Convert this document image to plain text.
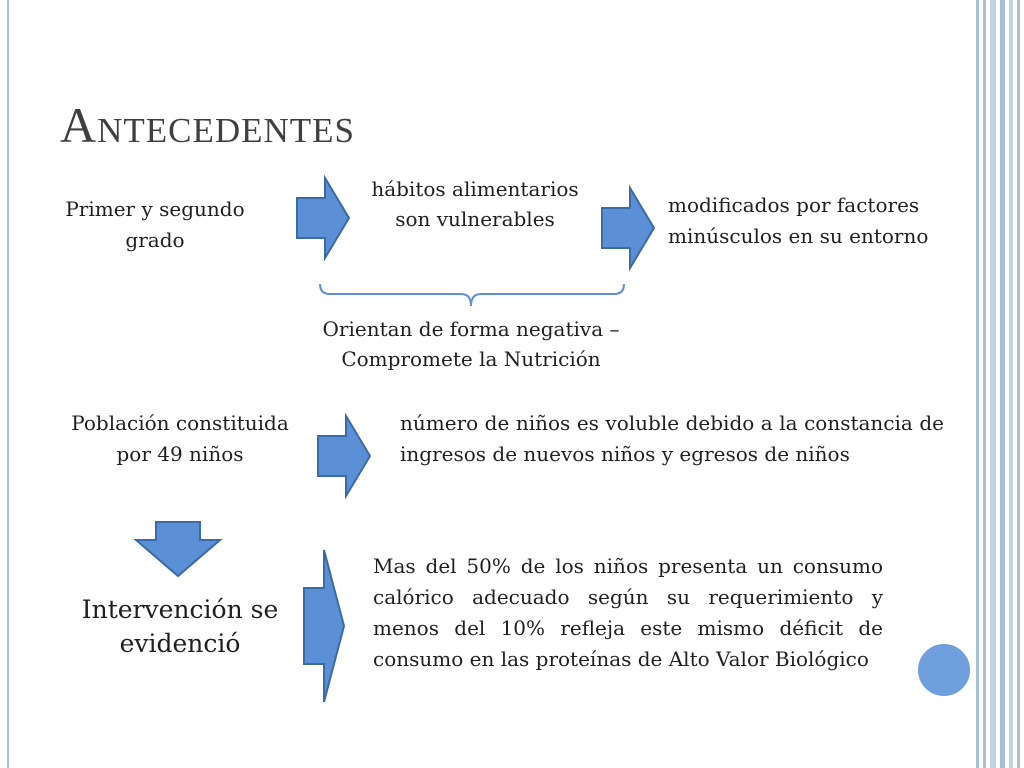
Antecedentes
Primer y segundo grado
hábitos alimentarios son vulnerables
modificados por factores minúsculos en su entorno
Orientan de forma negativa – Compromete la Nutrición
Población constituida por 49 niños
número de niños es voluble debido a la constancia de ingresos de nuevos niños y egresos de niños
Intervención se evidenció
Mas del 50% de los niños presenta un consumo calórico adecuado según su requerimiento y menos del 10% refleja este mismo déficit de consumo en las proteínas de Alto Valor Biológico
